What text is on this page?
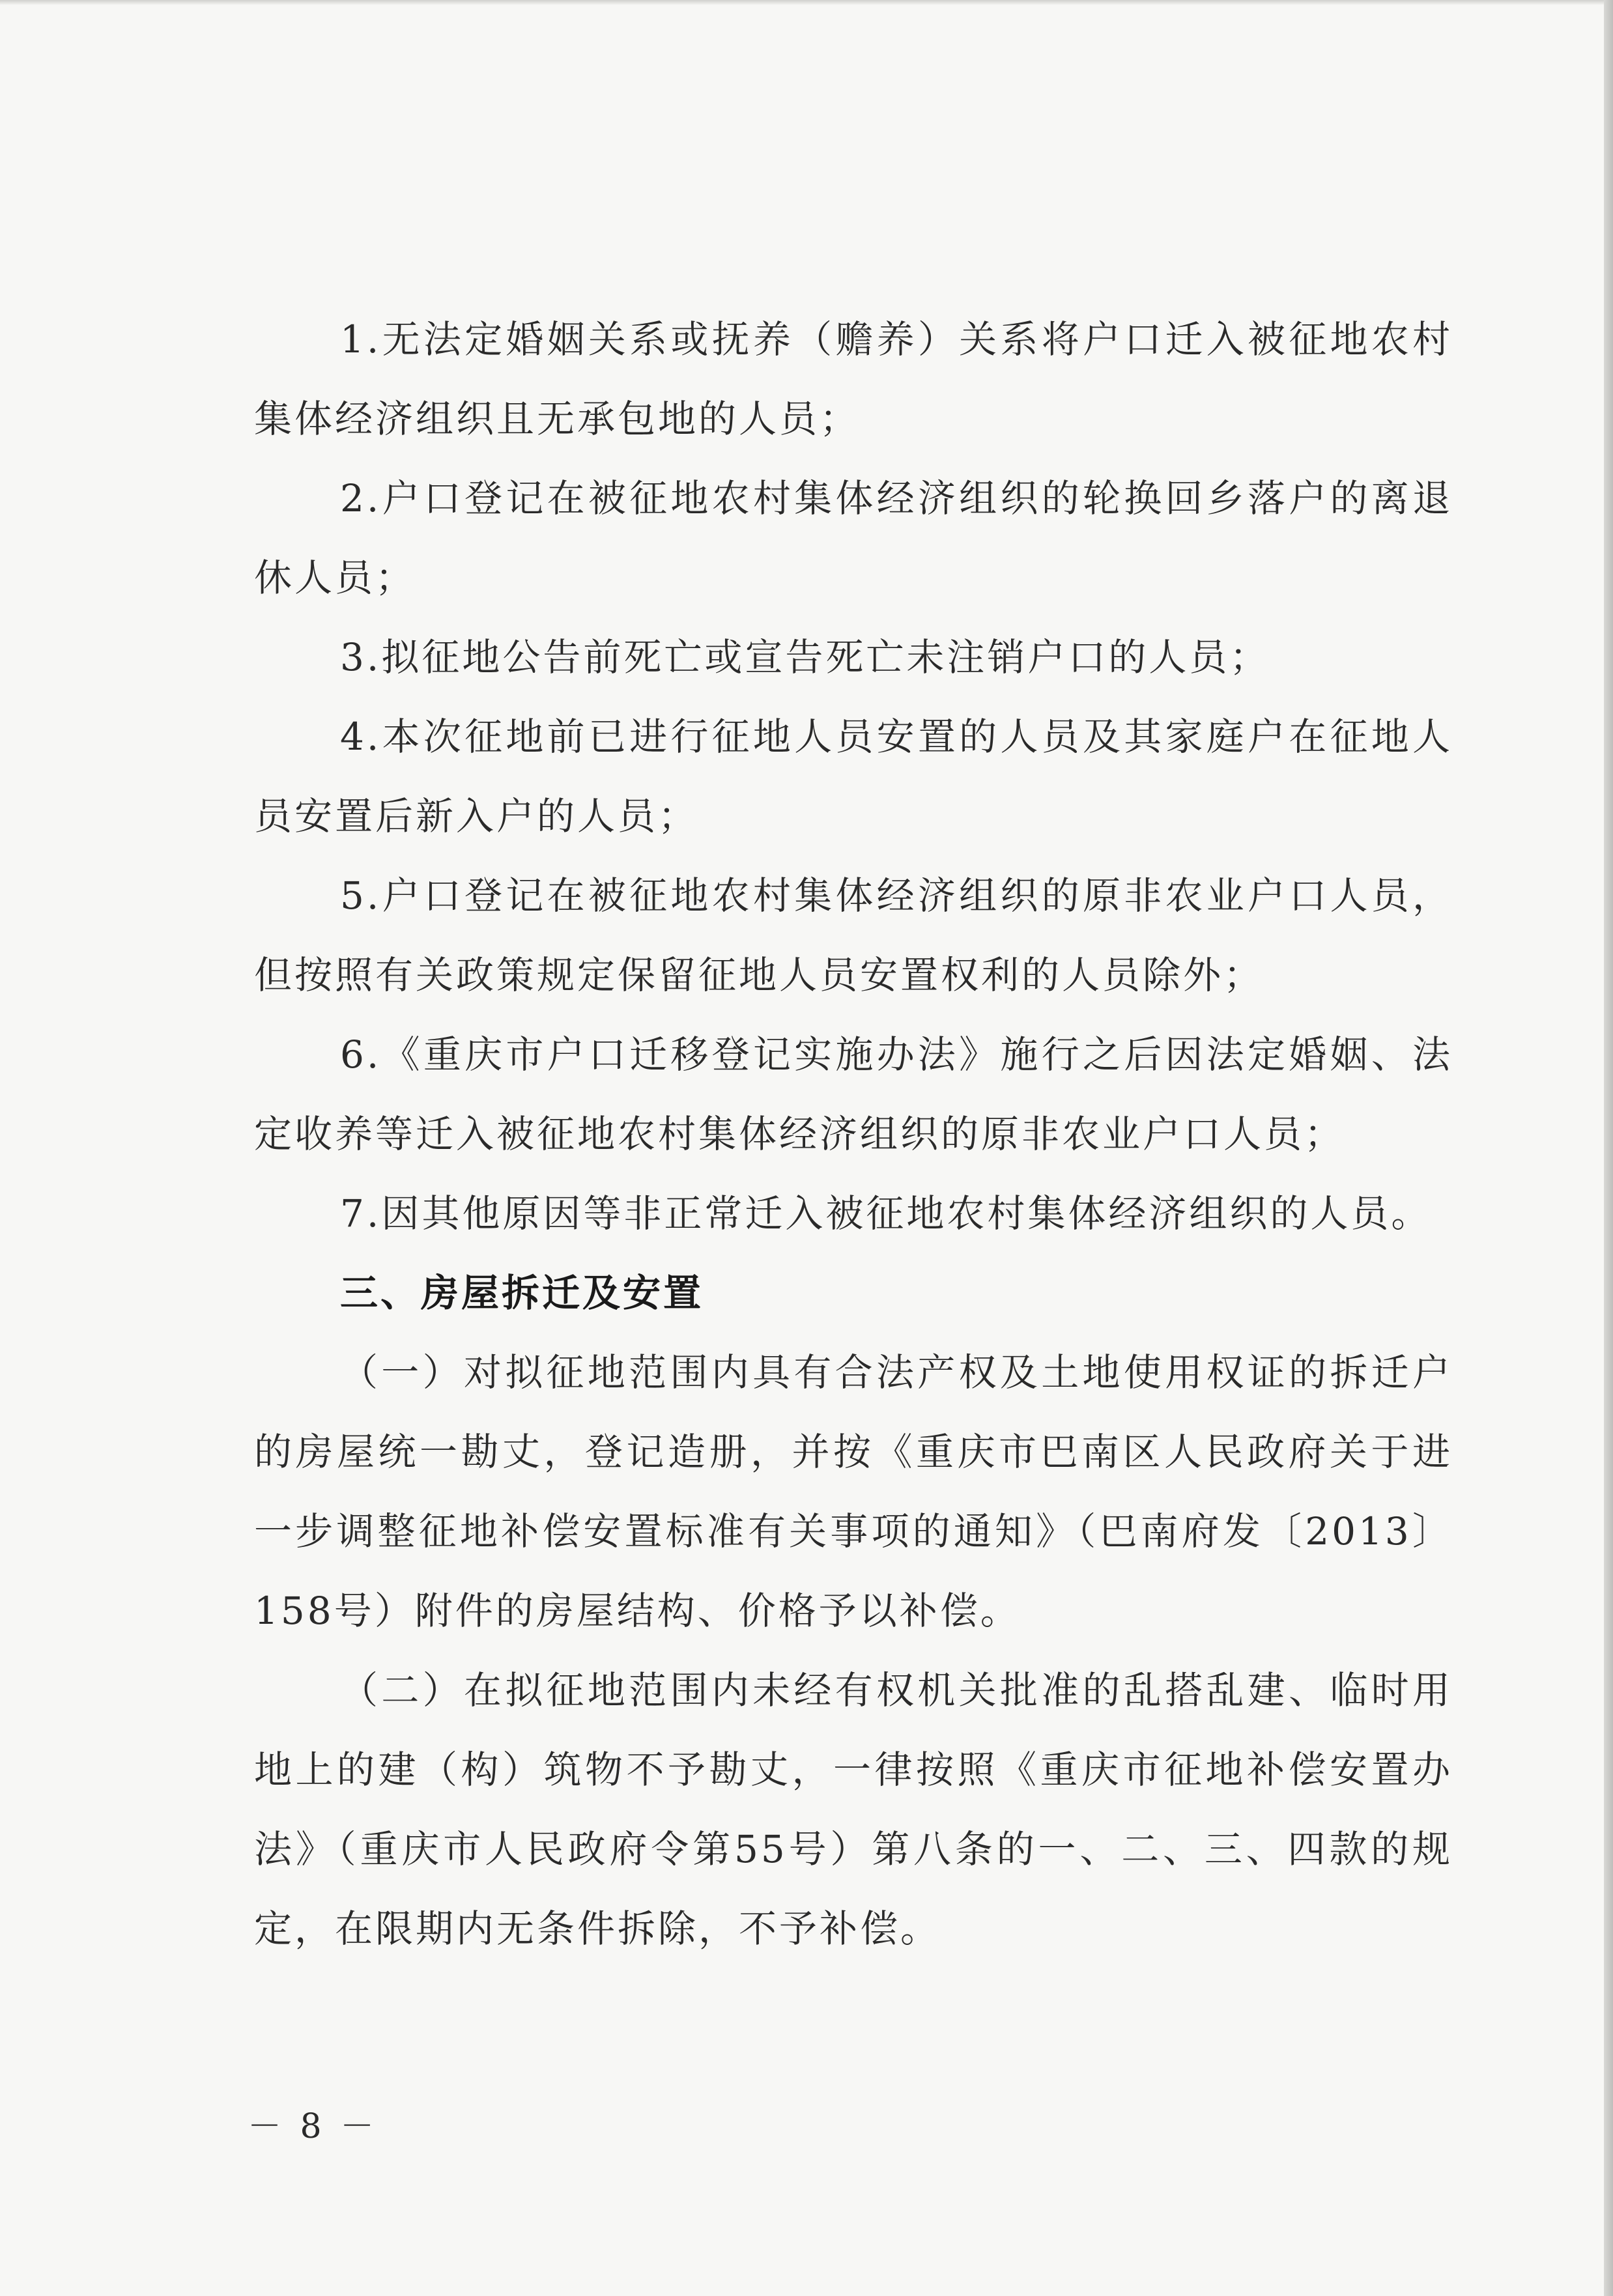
1.无法定婚姻关系或抚养（赡养）关系将户口迁入被征地农村集体经济组织且无承包地的人员；

2.户口登记在被征地农村集体经济组织的轮换回乡落户的离退休人员；

3.拟征地公告前死亡或宣告死亡未注销户口的人员；

4.本次征地前已进行征地人员安置的人员及其家庭户在征地人员安置后新入户的人员；

5.户口登记在被征地农村集体经济组织的原非农业户口人员，但按照有关政策规定保留征地人员安置权利的人员除外；

6.《重庆市户口迁移登记实施办法》施行之后因法定婚姻、法定收养等迁入被征地农村集体经济组织的原非农业户口人员；

7.因其他原因等非正常迁入被征地农村集体经济组织的人员。

三、房屋拆迁及安置

（一）对拟征地范围内具有合法产权及土地使用权证的拆迁户的房屋统一勘丈，登记造册，并按《重庆市巴南区人民政府关于进一步调整征地补偿安置标准有关事项的通知》（巴南府发〔2013〕158号）附件的房屋结构、价格予以补偿。

（二）在拟征地范围内未经有权机关批准的乱搭乱建、临时用地上的建（构）筑物不予勘丈，一律按照《重庆市征地补偿安置办法》（重庆市人民政府令第55号）第八条的一、二、三、四款的规定，在限期内无条件拆除，不予补偿。

－ 8 －
